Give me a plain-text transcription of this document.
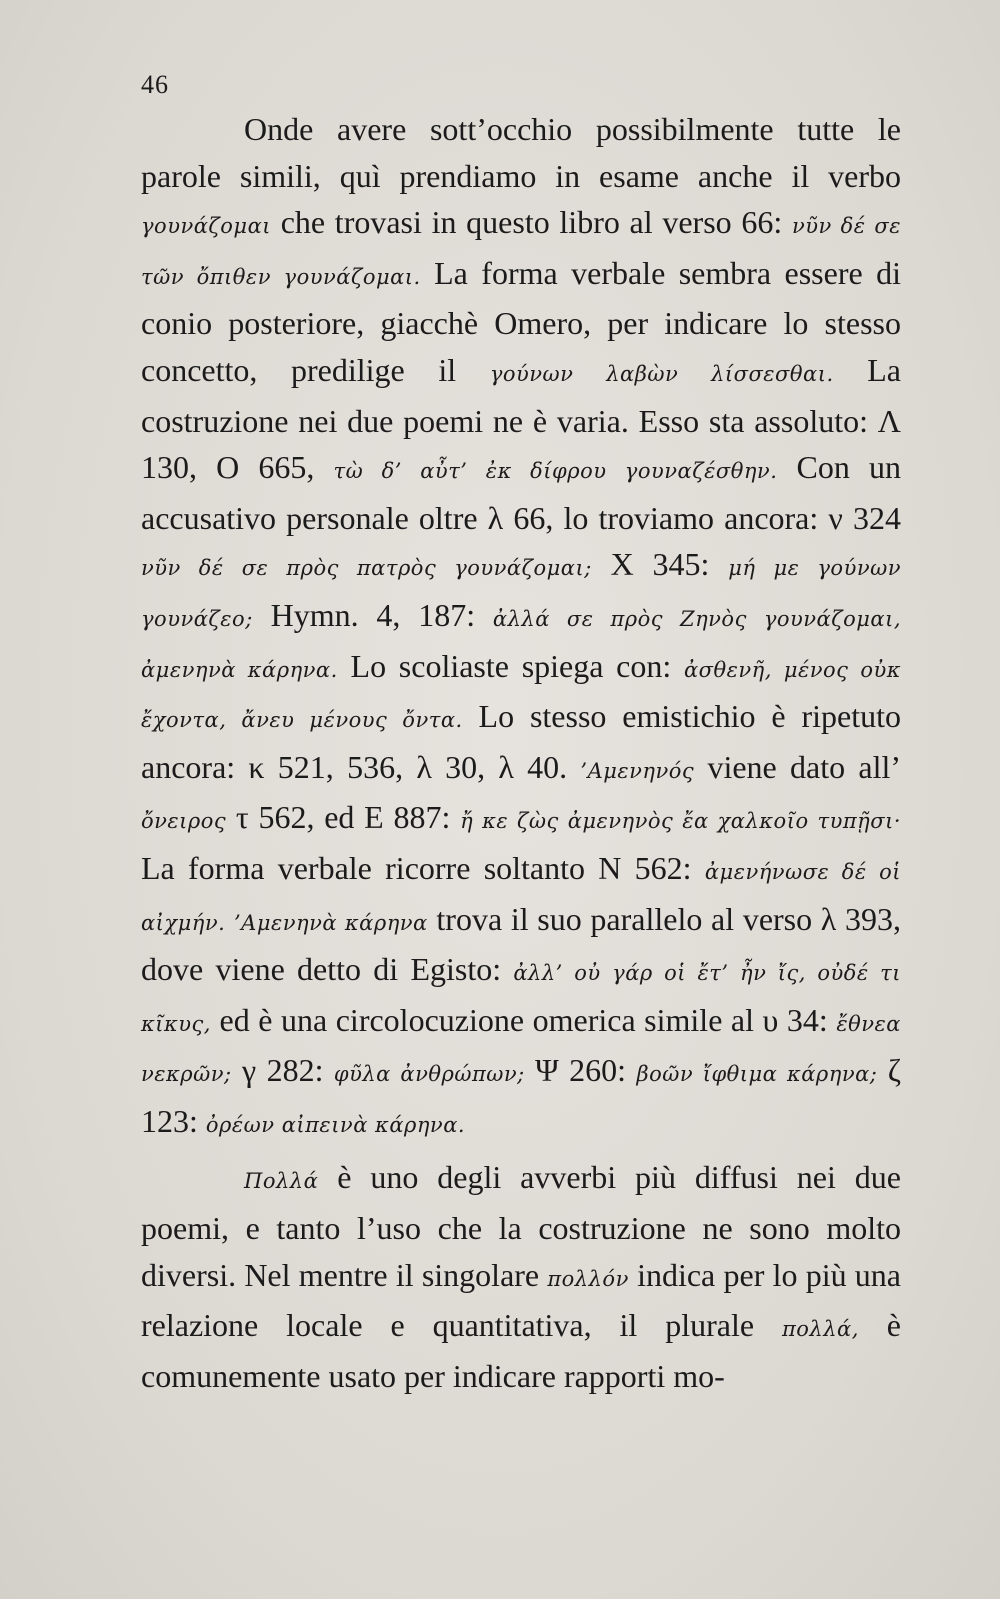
46

Onde avere sott’occhio possibilmente tutte le parole simili, quì prendiamo in esame anche il verbo γουνάζομαι che trovasi in questo libro al verso 66: νῦν δέ σε τῶν ὄπιθεν γουνάζομαι. La forma verbale sembra essere di conio posteriore, giacchè Omero, per indicare lo stesso concetto, predilige il γούνων λαβὼν λίσσεσθαι. La costruzione nei due poemi ne è varia. Esso sta assoluto: Λ 130, Ο 665, τὼ δ’ αὖτ’ ἐκ δίφρου γουναζέσθην. Con un accusativo personale oltre λ 66, lo troviamo ancora: ν 324 νῦν δέ σε πρὸς πατρὸς γουνάζομαι; Χ 345: μή με γούνων γουνάζεο; Hymn. 4, 187: ἀλλά σε πρὸς Ζηνὸς γουνάζομαι, ἀμενηνὰ κάρηνα. Lo scoliaste spiega con: ἀσθενῆ, μένος οὐκ ἔχοντα, ἄνευ μένους ὄντα. Lo stesso emistichio è ripetuto ancora: κ 521, 536, λ 30, λ 40. ’Αμενηνός viene dato all’ ὄνειρος τ 562, ed Ε 887: ἤ κε ζὼς ἀμενηνὸς ἔα χαλκοῖο τυπῇσι· La forma verbale ricorre soltanto Ν 562: ἀμενήνωσε δέ οἱ αἰχμήν. ’Αμενηνὰ κάρηνα trova il suo parallelo al verso λ 393, dove viene detto di Egisto: ἀλλ’ οὐ γάρ οἱ ἔτ’ ἦν ἴς, οὐδέ τι κῖκυς, ed è una circolocuzione omerica simile al υ 34: ἔθνεα νεκρῶν; γ 282: φῦλα ἀνθρώπων; Ψ 260: βοῶν ἴφθιμα κάρηνα; ζ 123: ὀρέων αἰπεινὰ κάρηνα.

Πολλά è uno degli avverbi più diffusi nei due poemi, e tanto l’uso che la costruzione ne sono molto diversi. Nel mentre il singolare πολλόν indica per lo più una relazione locale e quantitativa, il plurale πολλά, è comunemente usato per indicare rapporti mo-
